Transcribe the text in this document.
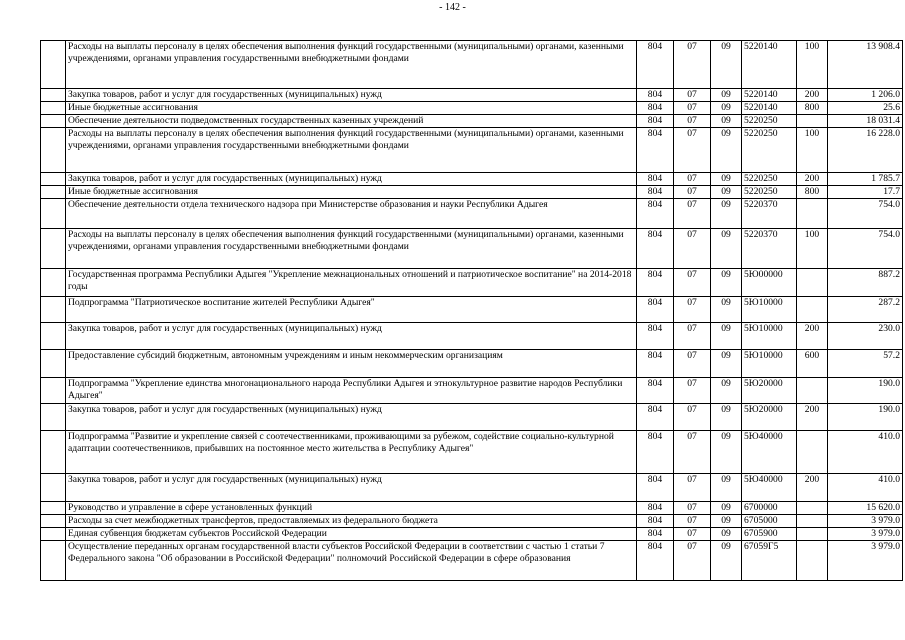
- 142 -
	Расходы на выплаты персоналу в целях обеспечения выполнения функций государственными (муниципальными) органами, казенными учреждениями, органами управления государственными внебюджетными фондами	804	07	09	5220140	100	13 908.4
	Закупка товаров, работ и услуг для государственных (муниципальных) нужд	804	07	09	5220140	200	1 206.0
	Иные бюджетные ассигнования	804	07	09	5220140	800	25.6
	Обеспечение деятельности подведомственных государственных казенных учреждений	804	07	09	5220250		18 031.4
	Расходы на выплаты персоналу в целях обеспечения выполнения функций государственными (муниципальными) органами, казенными учреждениями, органами управления государственными внебюджетными фондами	804	07	09	5220250	100	16 228.0
	Закупка товаров, работ и услуг для государственных (муниципальных) нужд	804	07	09	5220250	200	1 785.7
	Иные бюджетные ассигнования	804	07	09	5220250	800	17.7
	Обеспечение деятельности отдела технического надзора при Министерстве образования и науки Республики Адыгея	804	07	09	5220370		754.0
	Расходы на выплаты персоналу в целях обеспечения выполнения функций государственными (муниципальными) органами, казенными учреждениями, органами управления государственными внебюджетными фондами	804	07	09	5220370	100	754.0
	Государственная программа Республики Адыгея "Укрепление межнациональных отношений и патриотическое воспитание" на 2014-2018 годы	804	07	09	5Ю00000		887.2
	Подпрограмма "Патриотическое воспитание жителей Республики Адыгея"	804	07	09	5Ю10000		287.2
	Закупка товаров, работ и услуг для государственных (муниципальных) нужд	804	07	09	5Ю10000	200	230.0
	Предоставление субсидий бюджетным, автономным учреждениям и иным некоммерческим организациям	804	07	09	5Ю10000	600	57.2
	Подпрограмма "Укрепление единства многонационального народа Республики Адыгея и этнокультурное развитие народов Республики Адыгея"	804	07	09	5Ю20000		190.0
	Закупка товаров, работ и услуг для государственных (муниципальных) нужд	804	07	09	5Ю20000	200	190.0
	Подпрограмма "Развитие и укрепление связей с соотечественниками, проживающими за рубежом, содействие социально-культурной адаптации соотечественников, прибывших на постоянное место жительства в Республику Адыгея"	804	07	09	5Ю40000		410.0
	Закупка товаров, работ и услуг для государственных (муниципальных) нужд	804	07	09	5Ю40000	200	410.0
	Руководство и управление в сфере установленных функций	804	07	09	6700000		15 620.0
	Расходы за счет межбюджетных трансфертов, предоставляемых из федерального бюджета	804	07	09	6705000		3 979.0
	Единая субвенция бюджетам субъектов Российской Федерации	804	07	09	6705900		3 979.0
	Осуществление переданных органам государственной власти субъектов Российской Федерации в соответствии с частью 1 статьи 7 Федерального закона "Об образовании в Российской Федерации" полномочий Российской Федерации в сфере образования	804	07	09	67059Г5		3 979.0
